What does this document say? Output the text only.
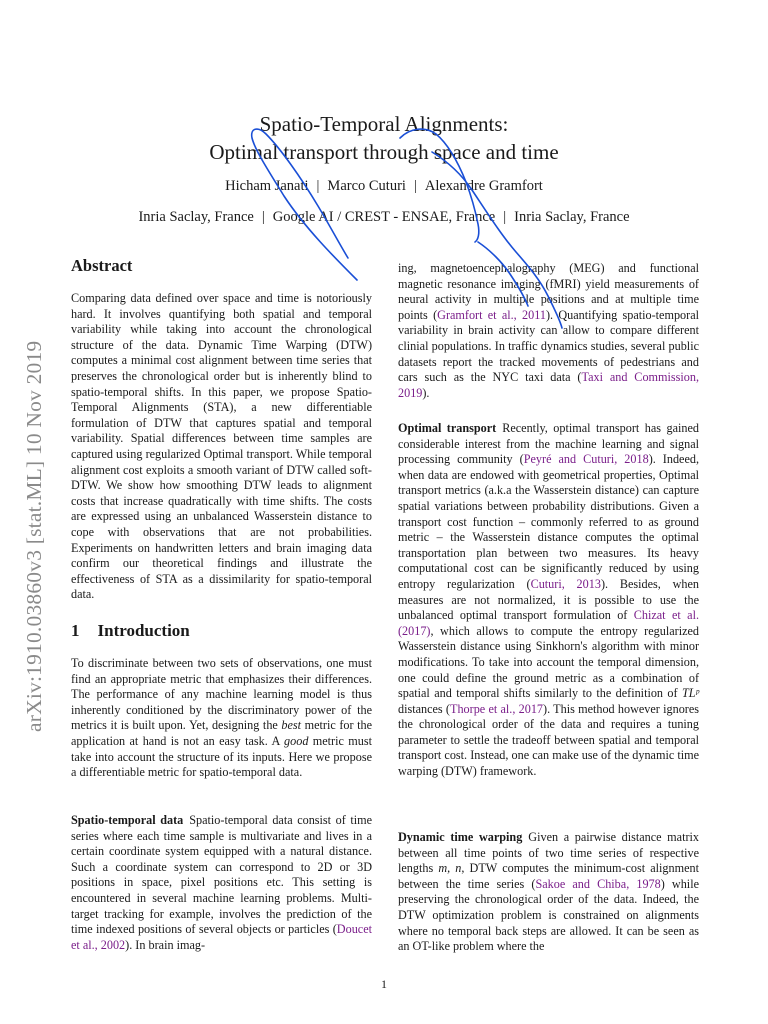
arXiv:1910.03860v3 [stat.ML] 10 Nov 2019
Spatio-Temporal Alignments:
Optimal transport through space and time
Hicham Janati | Marco Cuturi | Alexandre Gramfort
Inria Saclay, France | Google AI / CREST - ENSAE, France | Inria Saclay, France
Abstract

Comparing data defined over space and time is notoriously hard. It involves quantifying both spatial and temporal variability while taking into account the chronological structure of the data. Dynamic Time Warping (DTW) computes a minimal cost alignment between time series that preserves the chronological order but is inherently blind to spatio-temporal shifts. In this paper, we propose Spatio-Temporal Alignments (STA), a new differentiable formulation of DTW that captures spatial and temporal variability. Spatial differences between time samples are captured using regularized Optimal transport. While temporal alignment cost exploits a smooth variant of DTW called soft-DTW. We show how smoothing DTW leads to alignment costs that increase quadratically with time shifts. The costs are expressed using an unbalanced Wasserstein distance to cope with observations that are not probabilities. Experiments on handwritten letters and brain imaging data confirm our theoretical findings and illustrate the effectiveness of STA as a dissimilarity for spatio-temporal data.

1 Introduction

To discriminate between two sets of observations, one must find an appropriate metric that emphasizes their differences. The performance of any machine learning model is thus inherently conditioned by the discriminatory power of the metrics it is built upon. Yet, designing the best metric for the application at hand is not an easy task. A good metric must take into account the structure of its inputs. Here we propose a differentiable metric for spatio-temporal data.

Spatio-temporal data Spatio-temporal data consist of time series where each time sample is multivariate and lives in a certain coordinate system equipped with a natural distance. Such a coordinate system can correspond to 2D or 3D positions in space, pixel positions etc. This setting is encountered in several machine learning problems. Multi-target tracking for example, involves the prediction of the time indexed positions of several objects or particles (Doucet et al., 2002). In brain imag-

ing, magnetoencephalography (MEG) and functional magnetic resonance imaging (fMRI) yield measurements of neural activity in multiple positions and at multiple time points (Gramfort et al., 2011). Quantifying spatio-temporal variability in brain activity can allow to compare different clinial populations. In traffic dynamics studies, several public datasets report the tracked movements of pedestrians and cars such as the NYC taxi data (Taxi and Commission, 2019).

Optimal transport Recently, optimal transport has gained considerable interest from the machine learning and signal processing community (Peyré and Cuturi, 2018). Indeed, when data are endowed with geometrical properties, Optimal transport metrics (a.k.a the Wasserstein distance) can capture spatial variations between probability distributions. Given a transport cost function – commonly referred to as ground metric – the Wasserstein distance computes the optimal transportation plan between two measures. Its heavy computational cost can be significantly reduced by using entropy regularization (Cuturi, 2013). Besides, when measures are not normalized, it is possible to use the unbalanced optimal transport formulation of Chizat et al. (2017), which allows to compute the entropy regularized Wasserstein distance using Sinkhorn's algorithm with minor modifications. To take into account the temporal dimension, one could define the ground metric as a combination of spatial and temporal shifts similarly to the definition of TLᵖ distances (Thorpe et al., 2017). This method however ignores the chronological order of the data and requires a tuning parameter to settle the tradeoff between spatial and temporal transport cost. Instead, one can make use of the dynamic time warping (DTW) framework.

Dynamic time warping Given a pairwise distance matrix between all time points of two time series of respective lengths m, n, DTW computes the minimum-cost alignment between the time series (Sakoe and Chiba, 1978) while preserving the chronological order of the data. Indeed, the DTW optimization problem is constrained on alignments where no temporal back steps are allowed. It can be seen as an OT-like problem where the

1
